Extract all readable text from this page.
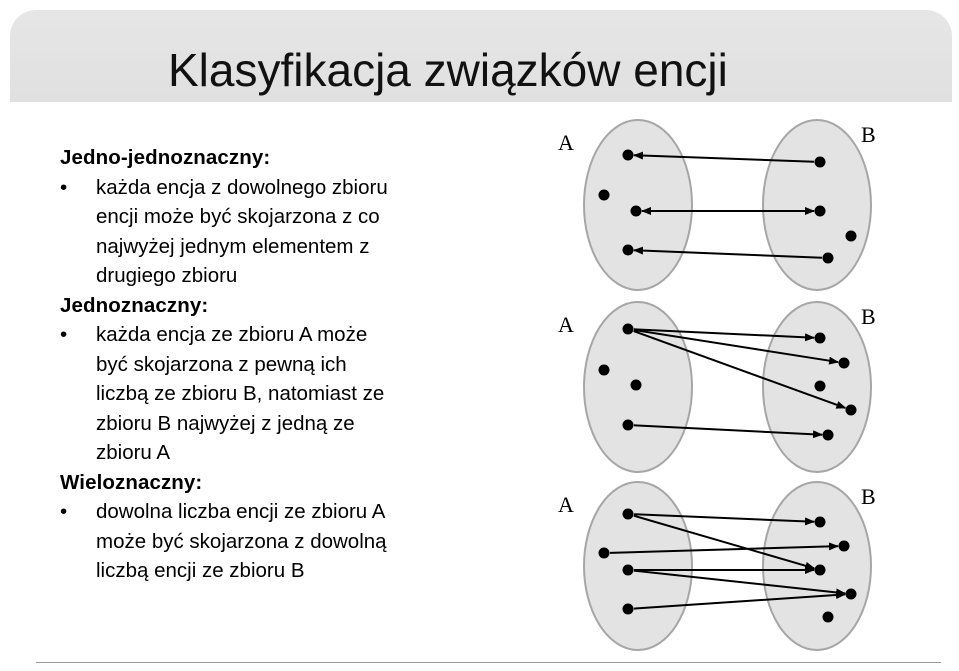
Klasyfikacja związków encji
Jedno-jednoznaczny:
•	każda encja z dowolnego zbioru
encji może być skojarzona z co
najwyżej jednym elementem z
drugiego zbioru
Jednoznaczny:
•	każda encja ze zbioru A może
być skojarzona z pewną ich
liczbą ze zbioru B, natomiast ze
zbioru B najwyżej z jedną ze
zbioru A
Wieloznaczny:
•	dowolna liczba encji ze zbioru A
może być skojarzona z dowolną
liczbą encji ze zbioru B
A	B
A	B
A	B
